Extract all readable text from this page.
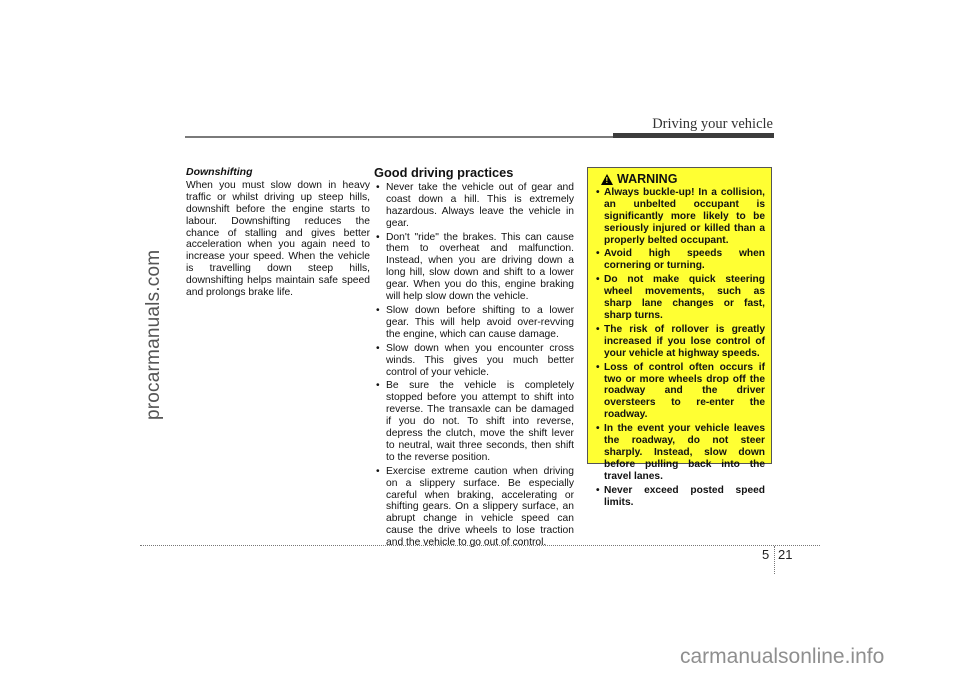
Driving your vehicle
procarmanuals.com
Downshifting
When you must slow down in heavy traffic or whilst driving up steep hills, downshift before the engine starts to labour. Downshifting reduces the chance of stalling and gives better acceleration when you again need to increase your speed. When the vehicle is travelling down steep hills, downshifting helps maintain safe speed and prolongs brake life.
Good driving practices
• Never take the vehicle out of gear and coast down a hill. This is extremely hazardous. Always leave the vehicle in gear.
• Don't "ride" the brakes. This can cause them to overheat and malfunction. Instead, when you are driving down a long hill, slow down and shift to a lower gear. When you do this, engine braking will help slow down the vehicle.
• Slow down before shifting to a lower gear. This will help avoid over-revving the engine, which can cause damage.
• Slow down when you encounter cross winds. This gives you much better control of your vehicle.
• Be sure the vehicle is completely stopped before you attempt to shift into reverse. The transaxle can be damaged if you do not. To shift into reverse, depress the clutch, move the shift lever to neutral, wait three seconds, then shift to the reverse position.
• Exercise extreme caution when driving on a slippery surface. Be especially careful when braking, accelerating or shifting gears. On a slippery surface, an abrupt change in vehicle speed can cause the drive wheels to lose traction and the vehicle to go out of control.
! WARNING
• Always buckle-up! In a collision, an unbelted occupant is significantly more likely to be seriously injured or killed than a properly belted occupant.
• Avoid high speeds when cornering or turning.
• Do not make quick steering wheel movements, such as sharp lane changes or fast, sharp turns.
• The risk of rollover is greatly increased if you lose control of your vehicle at highway speeds.
• Loss of control often occurs if two or more wheels drop off the roadway and the driver oversteers to re-enter the roadway.
• In the event your vehicle leaves the roadway, do not steer sharply. Instead, slow down before pulling back into the travel lanes.
• Never exceed posted speed limits.
5 21
carmanualsonline.info
